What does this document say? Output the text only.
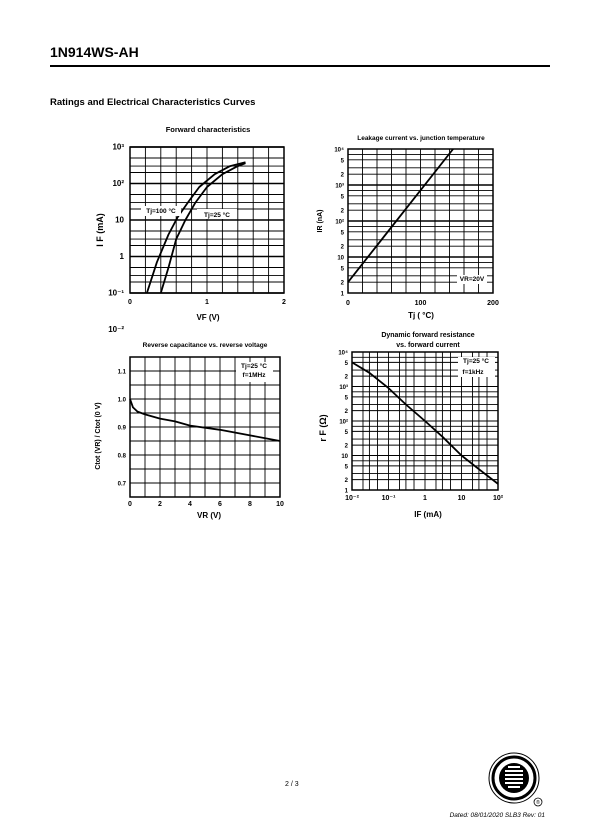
1N914WS-AH
Ratings and Electrical Characteristics Curves
Forward characteristics
0	1	2
10³
10²
10
1
10⁻²
10⁻¹
VF (V)
I F (mA)
Leakage current vs. junction temperature
0	100	200
10⁴
5
2
10³
5
2
10²
5
2
10
5
2
1
Tj ( °C)
IR (nA)
Reverse capacitance vs. reverse voltage
0	2	4	6	8	10
1.1
1.0
0.9
0.8
0.7
VR (V)
Ctot (VR) / Ctot (0 V)
Dynamic forward resistance vs. forward current
10⁻²	10⁻¹	1	10	10²
10⁴
5
2
10³
5
2
10²
5
2
10
5
2
1
IF (mA)
r F (Ω)
Tj=100 °C
Tj=25 °C
VR=20V
Tj=25 °C
f=1MHz
Tj=25 °C
f=1kHz
2 / 3
Dated: 08/01/2020 SLB3 Rev: 01
®
